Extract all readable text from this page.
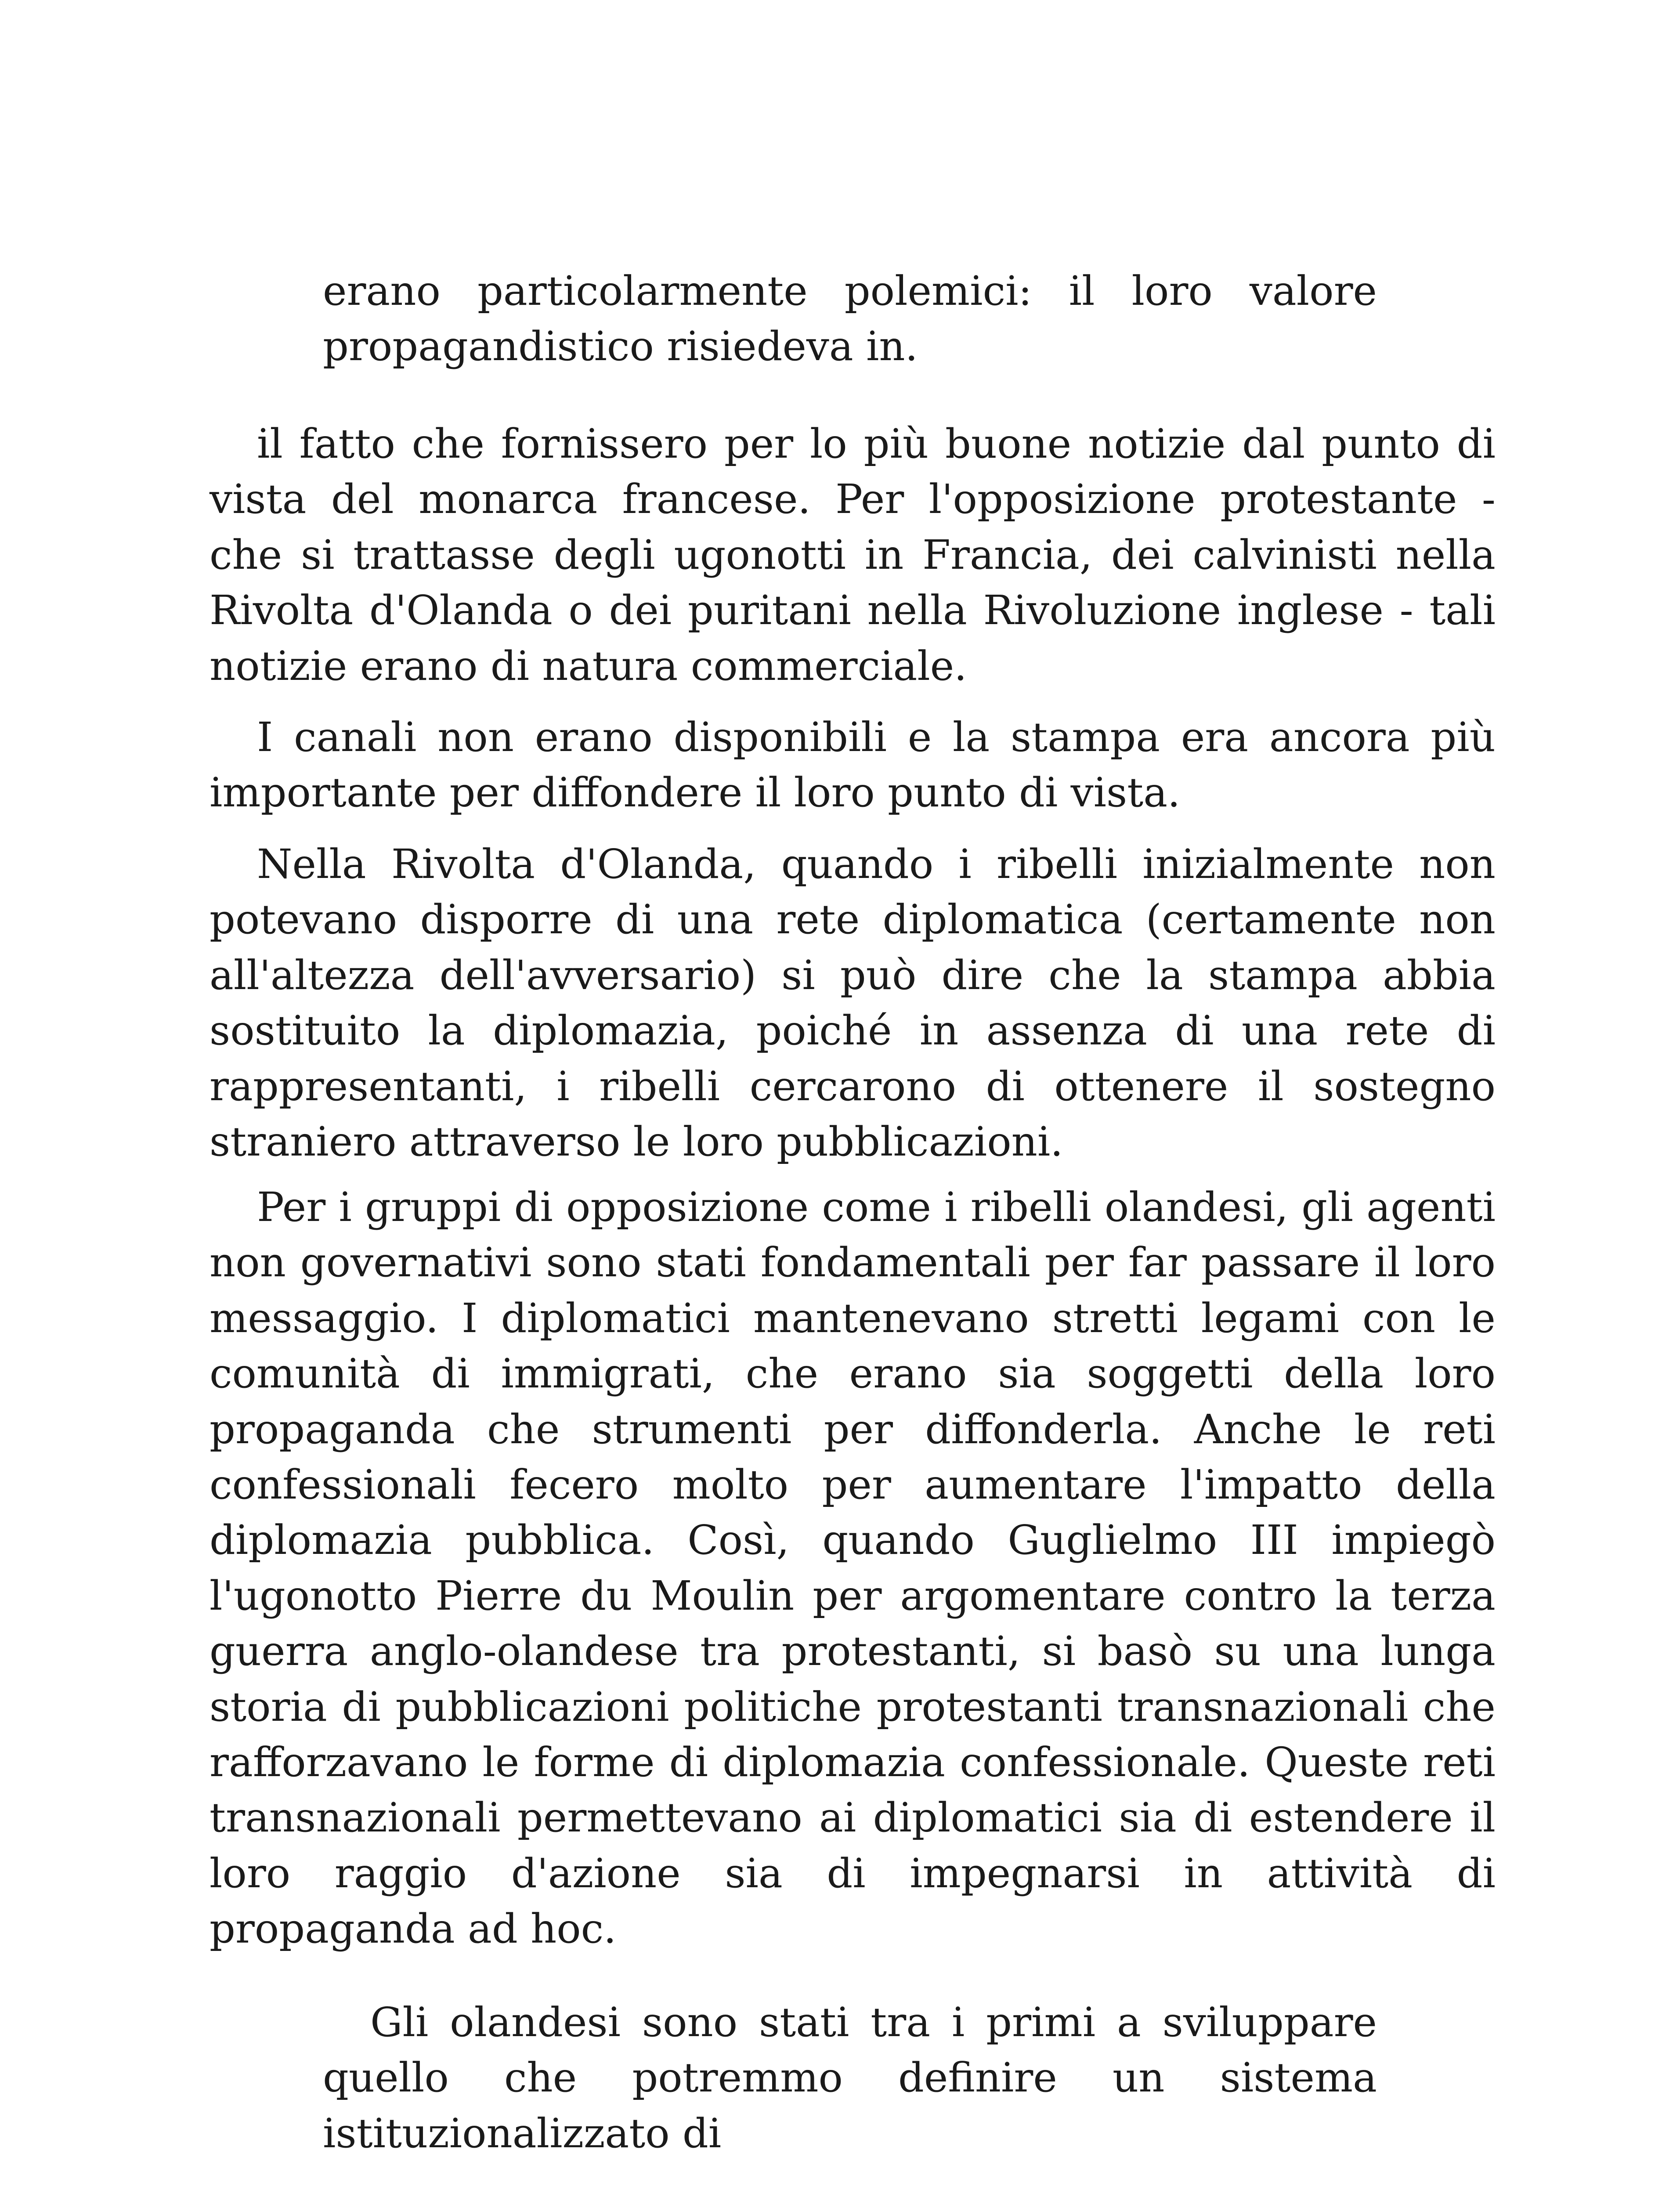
erano particolarmente polemici: il loro valore propagandistico risiedeva in.

il fatto che fornissero per lo più buone notizie dal punto di vista del monarca francese. Per l'opposizione protestante - che si trattasse degli ugonotti in Francia, dei calvinisti nella Rivolta d'Olanda o dei puritani nella Rivoluzione inglese - tali notizie erano di natura commerciale.

I canali non erano disponibili e la stampa era ancora più importante per diffondere il loro punto di vista.

Nella Rivolta d'Olanda, quando i ribelli inizialmente non potevano disporre di una rete diplomatica (certamente non all'altezza dell'avversario) si può dire che la stampa abbia sostituito la diplomazia, poiché in assenza di una rete di rappresentanti, i ribelli cercarono di ottenere il sostegno straniero attraverso le loro pubblicazioni.

Per i gruppi di opposizione come i ribelli olandesi, gli agenti non governativi sono stati fondamentali per far passare il loro messaggio. I diplomatici mantenevano stretti legami con le comunità di immigrati, che erano sia soggetti della loro propaganda che strumenti per diffonderla. Anche le reti confessionali fecero molto per aumentare l'impatto della diplomazia pubblica. Così, quando Guglielmo III impiegò l'ugonotto Pierre du Moulin per argomentare contro la terza guerra anglo-olandese tra protestanti, si basò su una lunga storia di pubblicazioni politiche protestanti transnazionali che rafforzavano le forme di diplomazia confessionale. Queste reti transnazionali permettevano ai diplomatici sia di estendere il loro raggio d'azione sia di impegnarsi in attività di propaganda ad hoc.

Gli olandesi sono stati tra i primi a sviluppare quello che potremmo definire un sistema istituzionalizzato di
